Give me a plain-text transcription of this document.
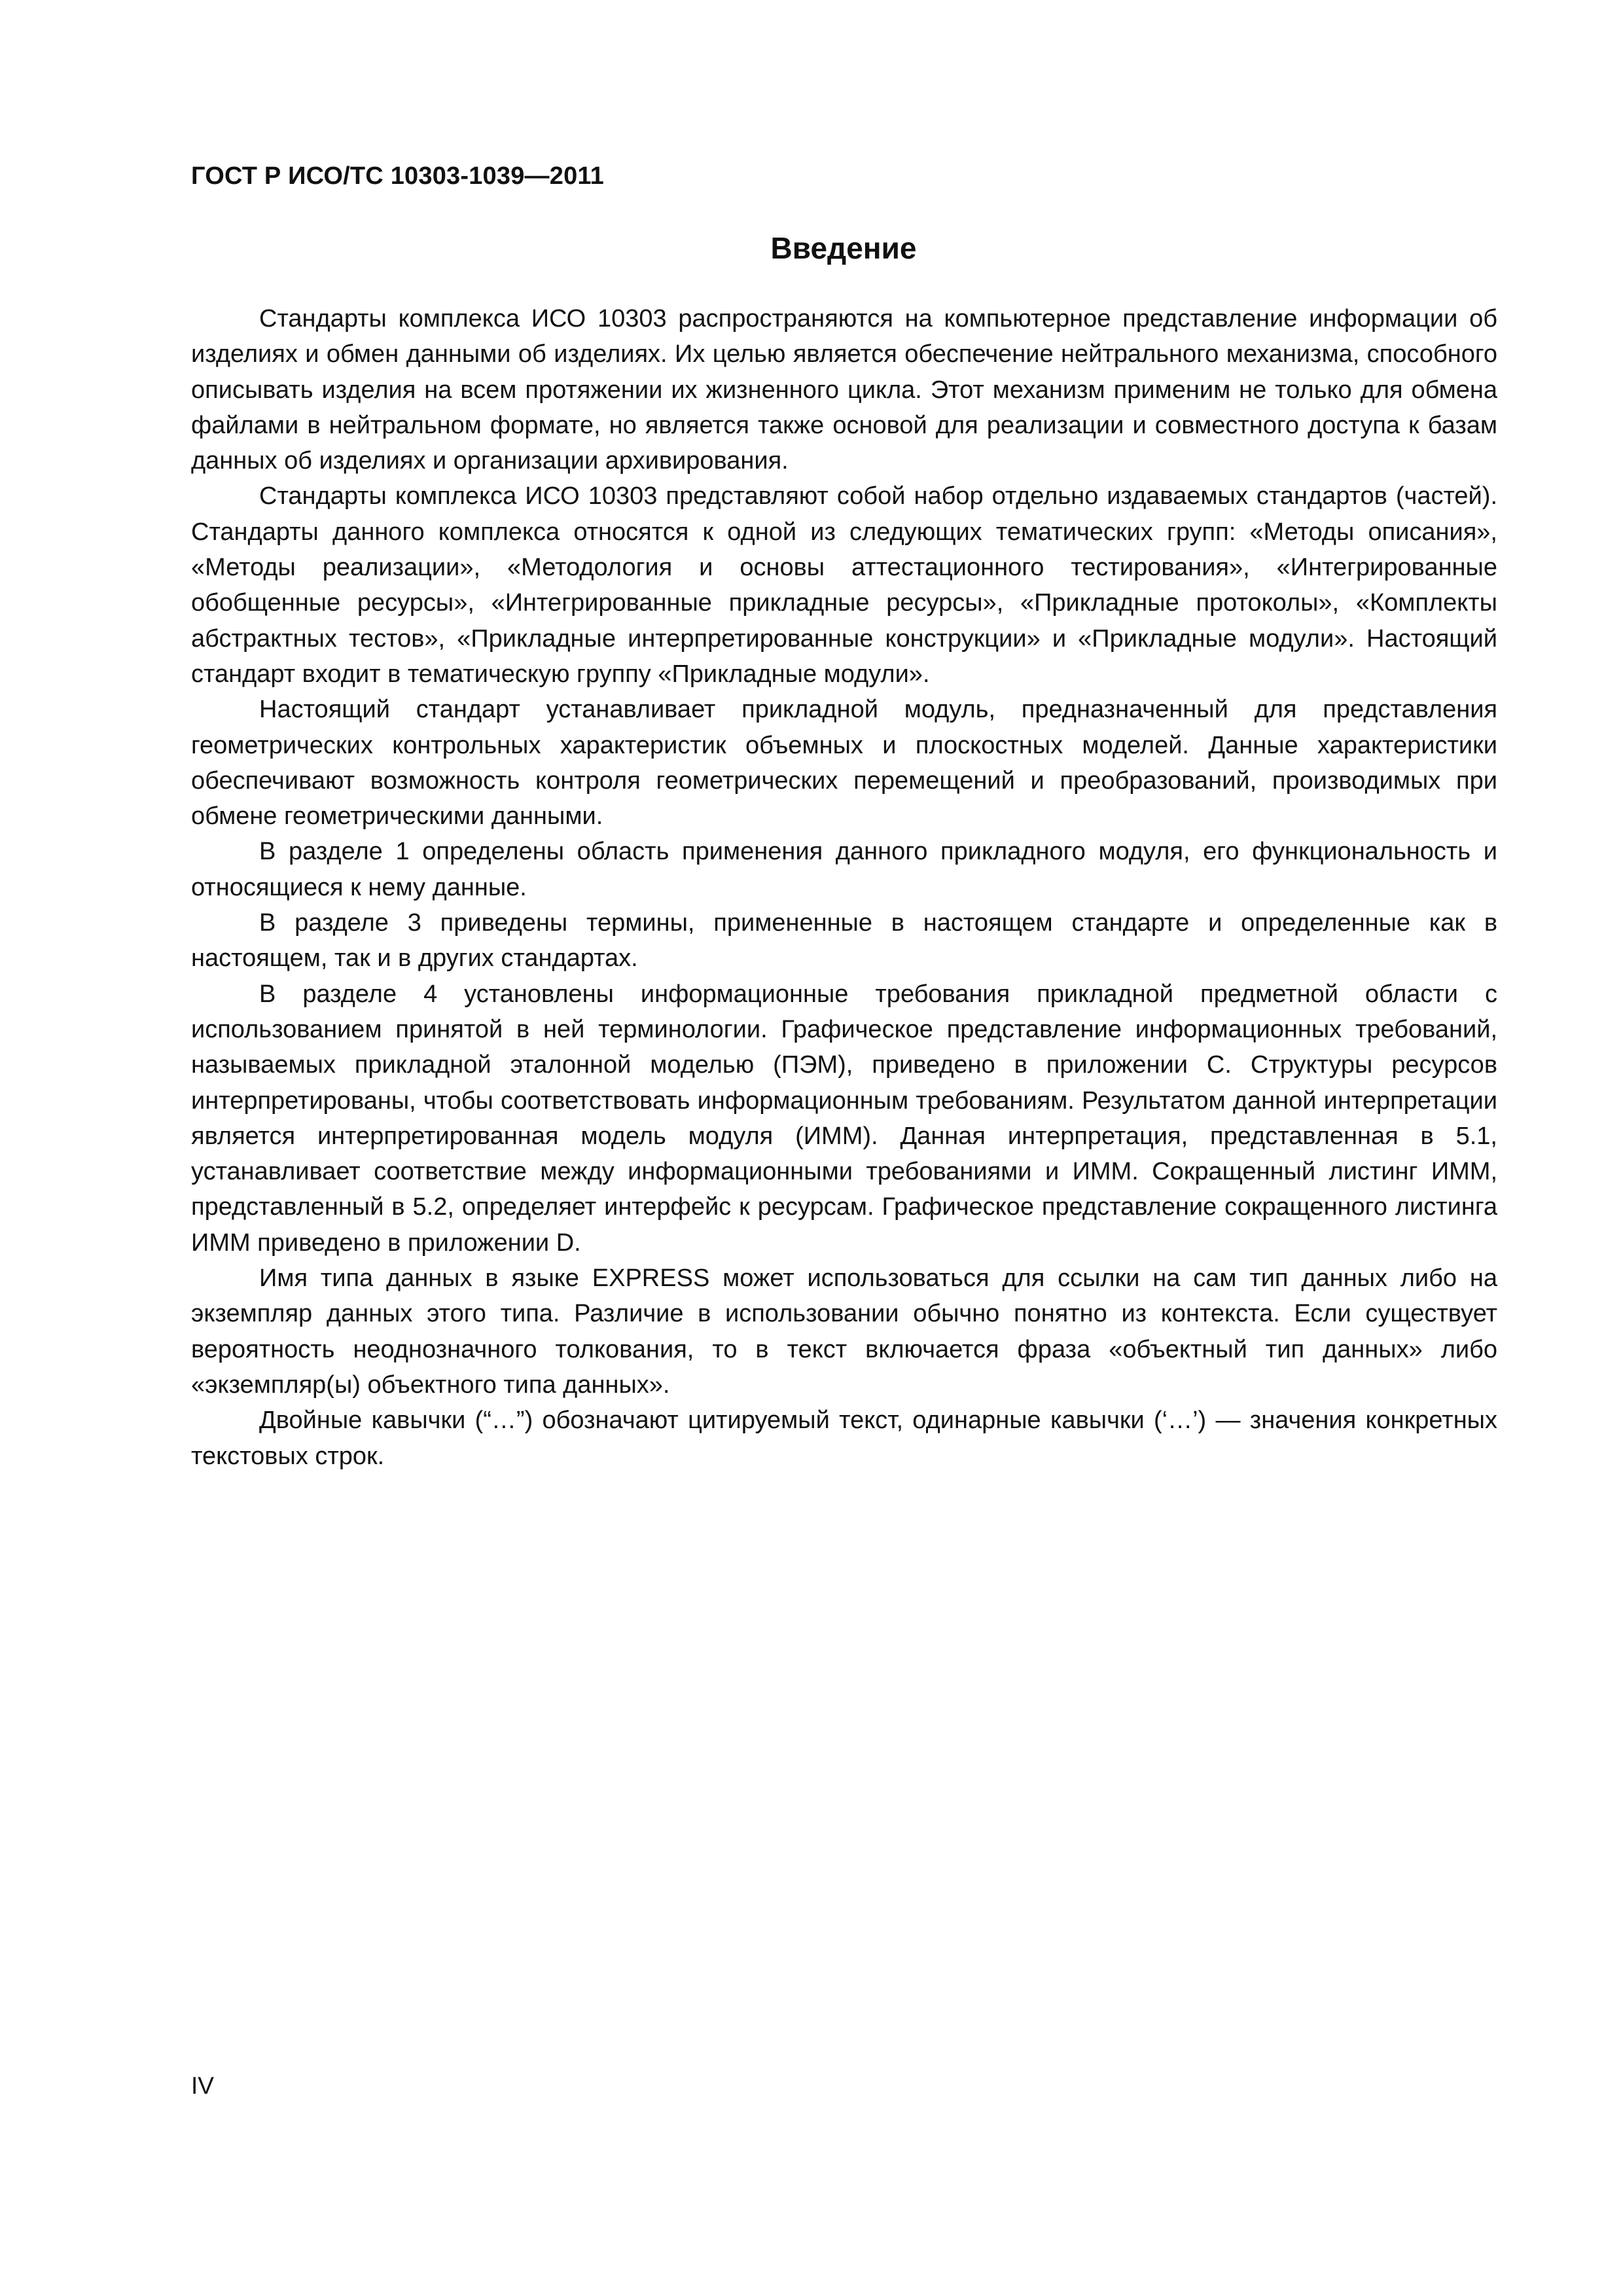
ГОСТ Р ИСО/ТС 10303-1039—2011
Введение

Стандарты комплекса ИСО 10303 распространяются на компьютерное представление информации об изделиях и обмен данными об изделиях. Их целью является обеспечение нейтрального механизма, способного описывать изделия на всем протяжении их жизненного цикла. Этот механизм применим не только для обмена файлами в нейтральном формате, но является также основой для реализации и совместного доступа к базам данных об изделиях и организации архивирования.

Стандарты комплекса ИСО 10303 представляют собой набор отдельно издаваемых стандартов (частей). Стандарты данного комплекса относятся к одной из следующих тематических групп: «Методы описания», «Методы реализации», «Методология и основы аттестационного тестирования», «Интегрированные обобщенные ресурсы», «Интегрированные прикладные ресурсы», «Прикладные протоколы», «Комплекты абстрактных тестов», «Прикладные интерпретированные конструкции» и «Прикладные модули». Настоящий стандарт входит в тематическую группу «Прикладные модули».

Настоящий стандарт устанавливает прикладной модуль, предназначенный для представления геометрических контрольных характеристик объемных и плоскостных моделей. Данные характеристики обеспечивают возможность контроля геометрических перемещений и преобразований, производимых при обмене геометрическими данными.

В разделе 1 определены область применения данного прикладного модуля, его функциональность и относящиеся к нему данные.

В разделе 3 приведены термины, примененные в настоящем стандарте и определенные как в настоящем, так и в других стандартах.

В разделе 4 установлены информационные требования прикладной предметной области с использованием принятой в ней терминологии. Графическое представление информационных требований, называемых прикладной эталонной моделью (ПЭМ), приведено в приложении C. Структуры ресурсов интерпретированы, чтобы соответствовать информационным требованиям. Результатом данной интерпретации является интерпретированная модель модуля (ИММ). Данная интерпретация, представленная в 5.1, устанавливает соответствие между информационными требованиями и ИММ. Сокращенный листинг ИММ, представленный в 5.2, определяет интерфейс к ресурсам. Графическое представление сокращенного листинга ИММ приведено в приложении D.

Имя типа данных в языке EXPRESS может использоваться для ссылки на сам тип данных либо на экземпляр данных этого типа. Различие в использовании обычно понятно из контекста. Если существует вероятность неоднозначного толкования, то в текст включается фраза «объектный тип данных» либо «экземпляр(ы) объектного типа данных».

Двойные кавычки (“…”) обозначают цитируемый текст, одинарные кавычки (‘…’) — значения конкретных текстовых строк.

IV
